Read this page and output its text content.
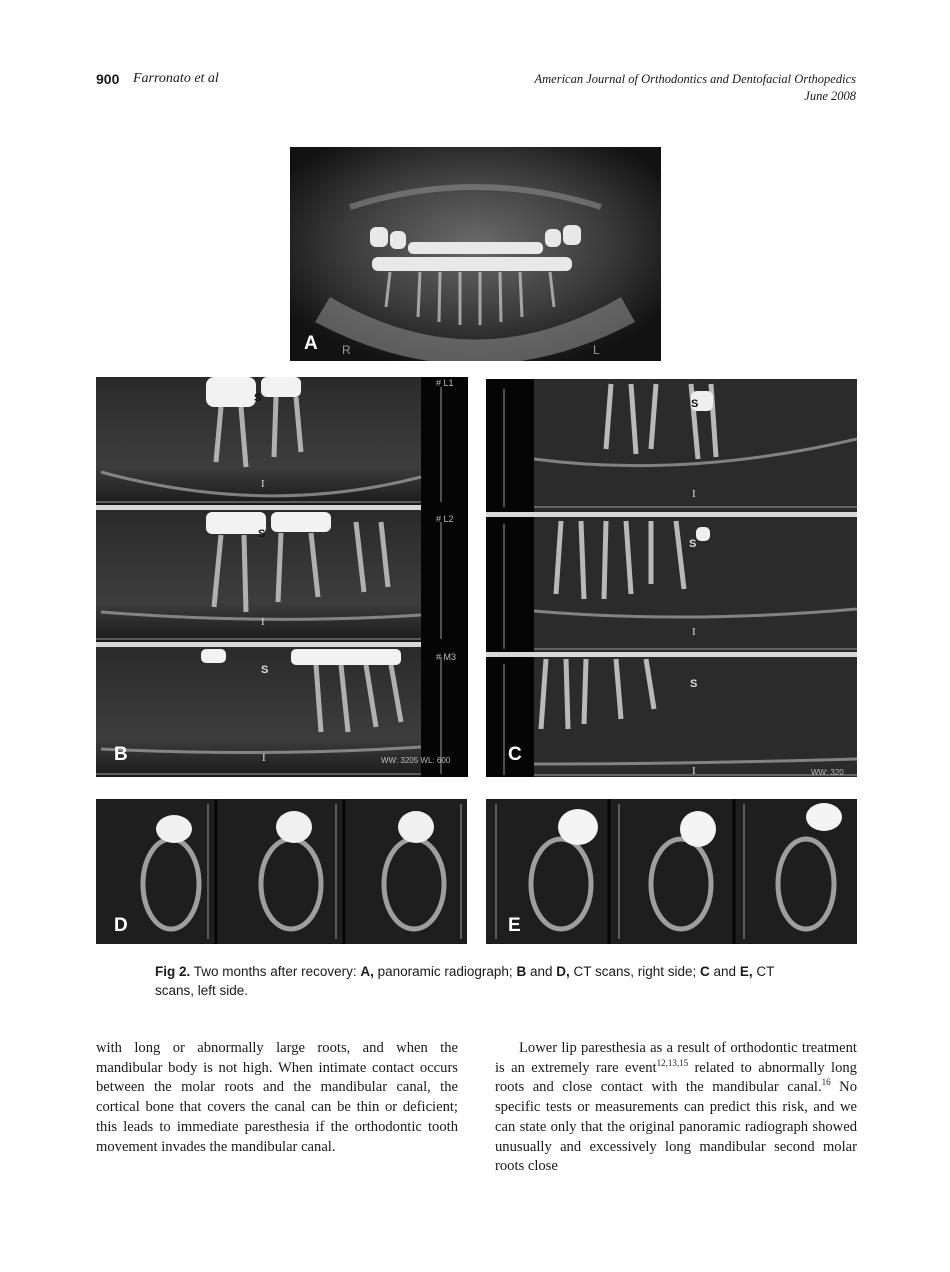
900 Farronato et al	American Journal of Orthodontics and Dentofacial Orthopedics
June 2008
R	L
A
S
I
S
I
S
I
# L1
# L2
# M3
WW: 3205 WL: 600
B
S
I
S
I
S
I	WW: 320
C
D	E
Fig 2. Two months after recovery: A, panoramic radiograph; B and D, CT scans, right side; C and E, CT scans, left side.

with long or abnormally large roots, and when the mandibular body is not high. When intimate contact occurs between the molar roots and the mandibular canal, the cortical bone that covers the canal can be thin or deficient; this leads to immediate paresthesia if the orthodontic tooth movement invades the mandibular canal.

Lower lip paresthesia as a result of orthodontic treatment is an extremely rare event$^{12,13,15}$ related to abnormally long roots and close contact with the mandibular canal.$^{16}$ No specific tests or measurements can predict this risk, and we can state only that the original panoramic radiograph showed unusually and excessively long mandibular second molar roots close
